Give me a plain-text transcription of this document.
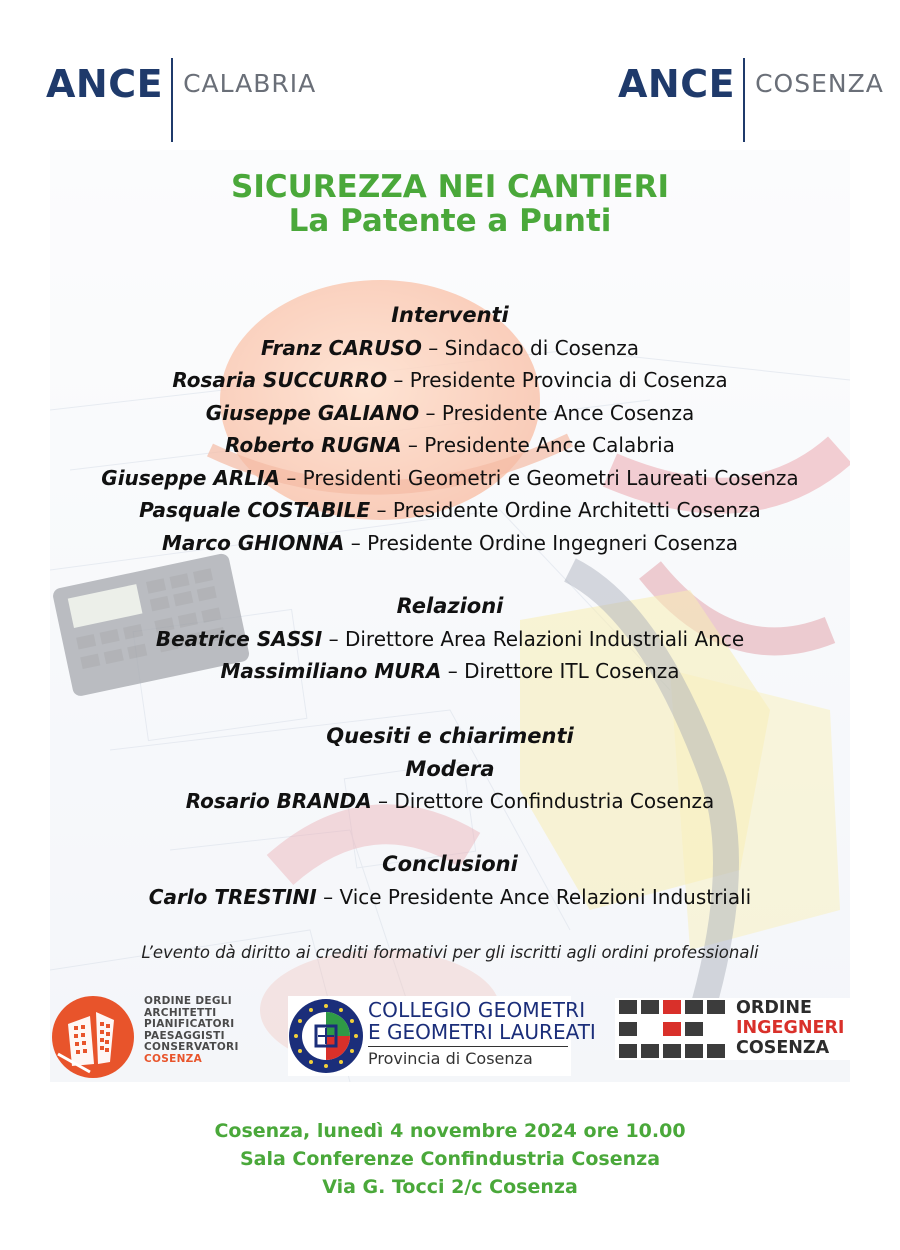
ANCE CALABRIA	ANCE COSENZA
SICUREZZA NEI CANTIERI
La Patente a Punti
Interventi
Franz CARUSO – Sindaco di Cosenza
Rosaria SUCCURRO – Presidente Provincia di Cosenza
Giuseppe GALIANO – Presidente Ance Cosenza
Roberto RUGNA – Presidente Ance Calabria
Giuseppe ARLIA – Presidenti Geometri e Geometri Laureati Cosenza
Pasquale COSTABILE – Presidente Ordine Architetti Cosenza
Marco GHIONNA – Presidente Ordine Ingegneri Cosenza
Relazioni
Beatrice SASSI – Direttore Area Relazioni Industriali Ance
Massimiliano MURA – Direttore ITL Cosenza
Quesiti e chiarimenti
Modera
Rosario BRANDA – Direttore Confindustria Cosenza
Conclusioni
Carlo TRESTINI – Vice Presidente Ance Relazioni Industriali
L’evento dà diritto ai crediti formativi per gli iscritti agli ordini professionali
ORDINE DEGLI
ARCHITETTI
PIANIFICATORI
PAESAGGISTI
CONSERVATORI
COSENZA
COLLEGIO GEOMETRI
E GEOMETRI LAUREATI
Provincia di Cosenza
ORDINE
INGEGNERI
COSENZA
Cosenza, lunedì 4 novembre 2024 ore 10.00
Sala Conferenze Confindustria Cosenza
Via G. Tocci 2/c Cosenza
